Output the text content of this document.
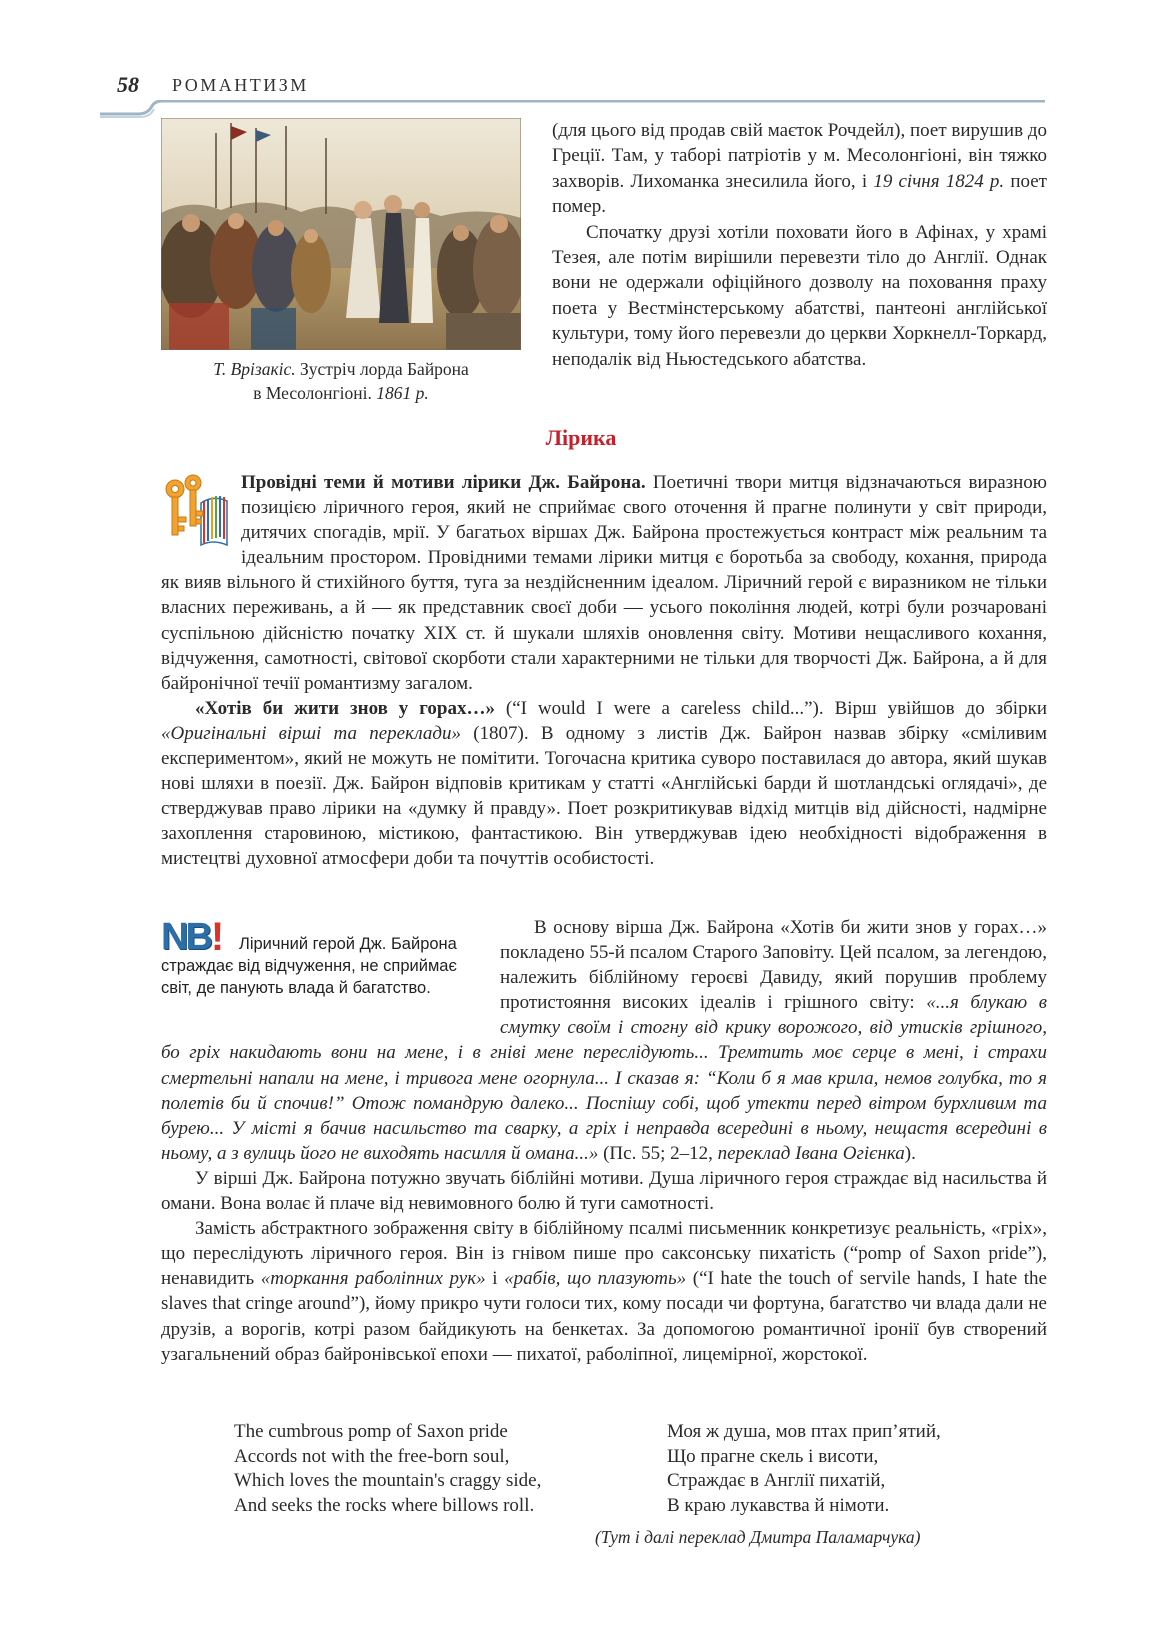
58 РОМАНТИЗМ
Т. Врізакіс. Зустріч лорда Байрона
в Месолонгіоні. 1861 р.

(для цього від продав свій маєток Рочдейл), поет вирушив до Греції. Там, у таборі патріотів у м. Месолонгіоні, він тяжко захворів. Лихоманка знесилила його, і 19 січня 1824 р. поет помер.

Спочатку друзі хотіли поховати його в Афінах, у храмі Тезея, але потім вирішили перевезти тіло до Англії. Однак вони не одержали офіційного дозволу на поховання праху поета у Вестмінстерському абатстві, пантеоні англійської культури, тому його перевезли до церкви Хоркнелл-Торкард, неподалік від Ньюстедського абатства.

Лірика

Провідні теми й мотиви лірики Дж. Байрона. Поетичні твори митця відзначаються виразною позицією ліричного героя, який не сприймає свого оточення й прагне полинути у світ природи, дитячих спогадів, мрії. У багатьох віршах Дж. Байрона простежується контраст між реальним та ідеальним простором. Провідними темами лірики митця є боротьба за свободу, кохання, природа як вияв вільного й стихійного буття, туга за нездійсненним ідеалом. Ліричний герой є виразником не тільки власних переживань, а й — як представник своєї доби — усього покоління людей, котрі були розчаровані суспільною дійсністю початку XIX ст. й шукали шляхів оновлення світу. Мотиви нещасливого кохання, відчуження, самотності, світової скорботи стали характерними не тільки для творчості Дж. Байрона, а й для байронічної течії романтизму загалом.

«Хотів би жити знов у горах…» (“I would I were a careless child...”). Вірш увійшов до збірки «Оригінальні вірші та переклади» (1807). В одному з листів Дж. Байрон назвав збірку «сміливим експериментом», який не можуть не помітити. Тогочасна критика суворо поставилася до автора, який шукав нові шляхи в поезії. Дж. Байрон відповів критикам у статті «Англійські барди й шотландські оглядачі», де стверджував право лірики на «думку й правду». Поет розкритикував відхід митців від дійсності, надмірне захоплення старовиною, містикою, фантастикою. Він утверджував ідею необхідності відображення в мистецтві духовної атмосфери доби та почуттів особистості.

NB ! Ліричний герой Дж. Байрона страждає від відчуження, не сприймає світ, де панують влада й багатство.

В основу вірша Дж. Байрона «Хотів би жити знов у горах…» покладено 55-й псалом Старого Заповіту. Цей псалом, за легендою, належить біблійному героєві Давиду, який порушив проблему протистояння високих ідеалів і грішного світу: «...я блукаю в смутку своїм і стогну від крику ворожого, від утисків грішного, бо гріх накидають вони на мене, і в гніві мене переслідують... Тремтить моє серце в мені, і страхи смертельні напали на мене, і тривога мене огорнула... І сказав я: “Коли б я мав крила, немов голубка, то я полетів би й спочив!” Отож помандрую далеко... Поспішу собі, щоб утекти перед вітром бурхливим та бурею... У місті я бачив насильство та сварку, а гріх і неправда всередині в ньому, нещастя всередині в ньому, а з вулиць його не виходять насилля й омана...» (Пс. 55; 2–12, переклад Івана Огієнка).

У вірші Дж. Байрона потужно звучать біблійні мотиви. Душа ліричного героя страждає від насильства й омани. Вона волає й плаче від невимовного болю й туги самотності.

Замість абстрактного зображення світу в біблійному псалмі письменник конкретизує реальність, «гріх», що переслідують ліричного героя. Він із гнівом пише про саксонську пихатість (“pomp of Saxon pride”), ненавидить «торкання раболіпних рук» і «рабів, що плазують» (“I hate the touch of servile hands, I hate the slaves that cringe around”), йому прикро чути голоси тих, кому посади чи фортуна, багатство чи влада дали не друзів, а ворогів, котрі разом байдикують на бенкетах. За допомогою романтичної іронії був створений узагальнений образ байронівської епохи — пихатої, раболіпної, лицемірної, жорстокої.

The cumbrous pomp of Saxon pride
Accords not with the free-born soul,
Which loves the mountain's craggy side,
And seeks the rocks where billows roll.
Моя ж душа, мов птах прип’ятий,
Що прагне скель і висоти,
Страждає в Англії пихатій,
В краю лукавства й німоти.
(Тут і далі переклад Дмитра Паламарчука)
